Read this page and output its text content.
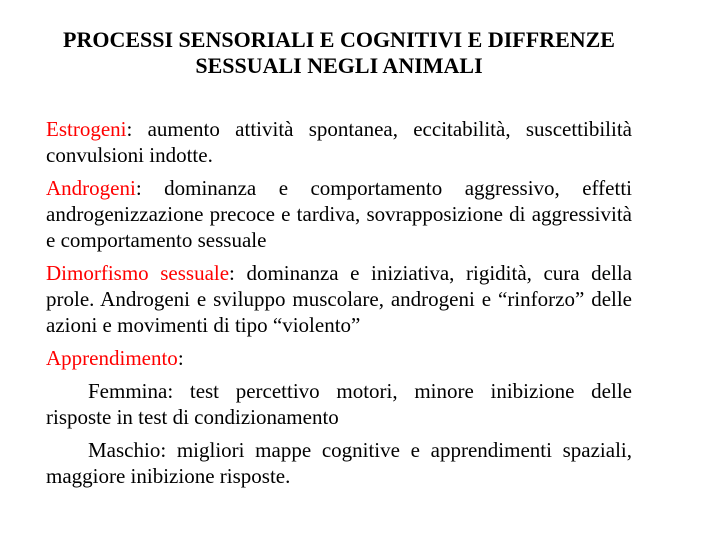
PROCESSI SENSORIALI E COGNITIVI E DIFFRENZE
SESSUALI NEGLI ANIMALI
Estrogeni: aumento attività spontanea, eccitabilità, suscettibilità convulsioni indotte.
Androgeni: dominanza e comportamento aggressivo, effetti androgenizzazione precoce e tardiva, sovrapposizione di aggressività e comportamento sessuale
Dimorfismo sessuale: dominanza e iniziativa, rigidità, cura della prole. Androgeni e sviluppo muscolare, androgeni e “rinforzo” delle azioni e movimenti di tipo “violento”
Apprendimento:
Femmina: test percettivo motori, minore inibizione delle risposte in test di condizionamento
Maschio: migliori mappe cognitive e apprendimenti spaziali, maggiore inibizione risposte.
